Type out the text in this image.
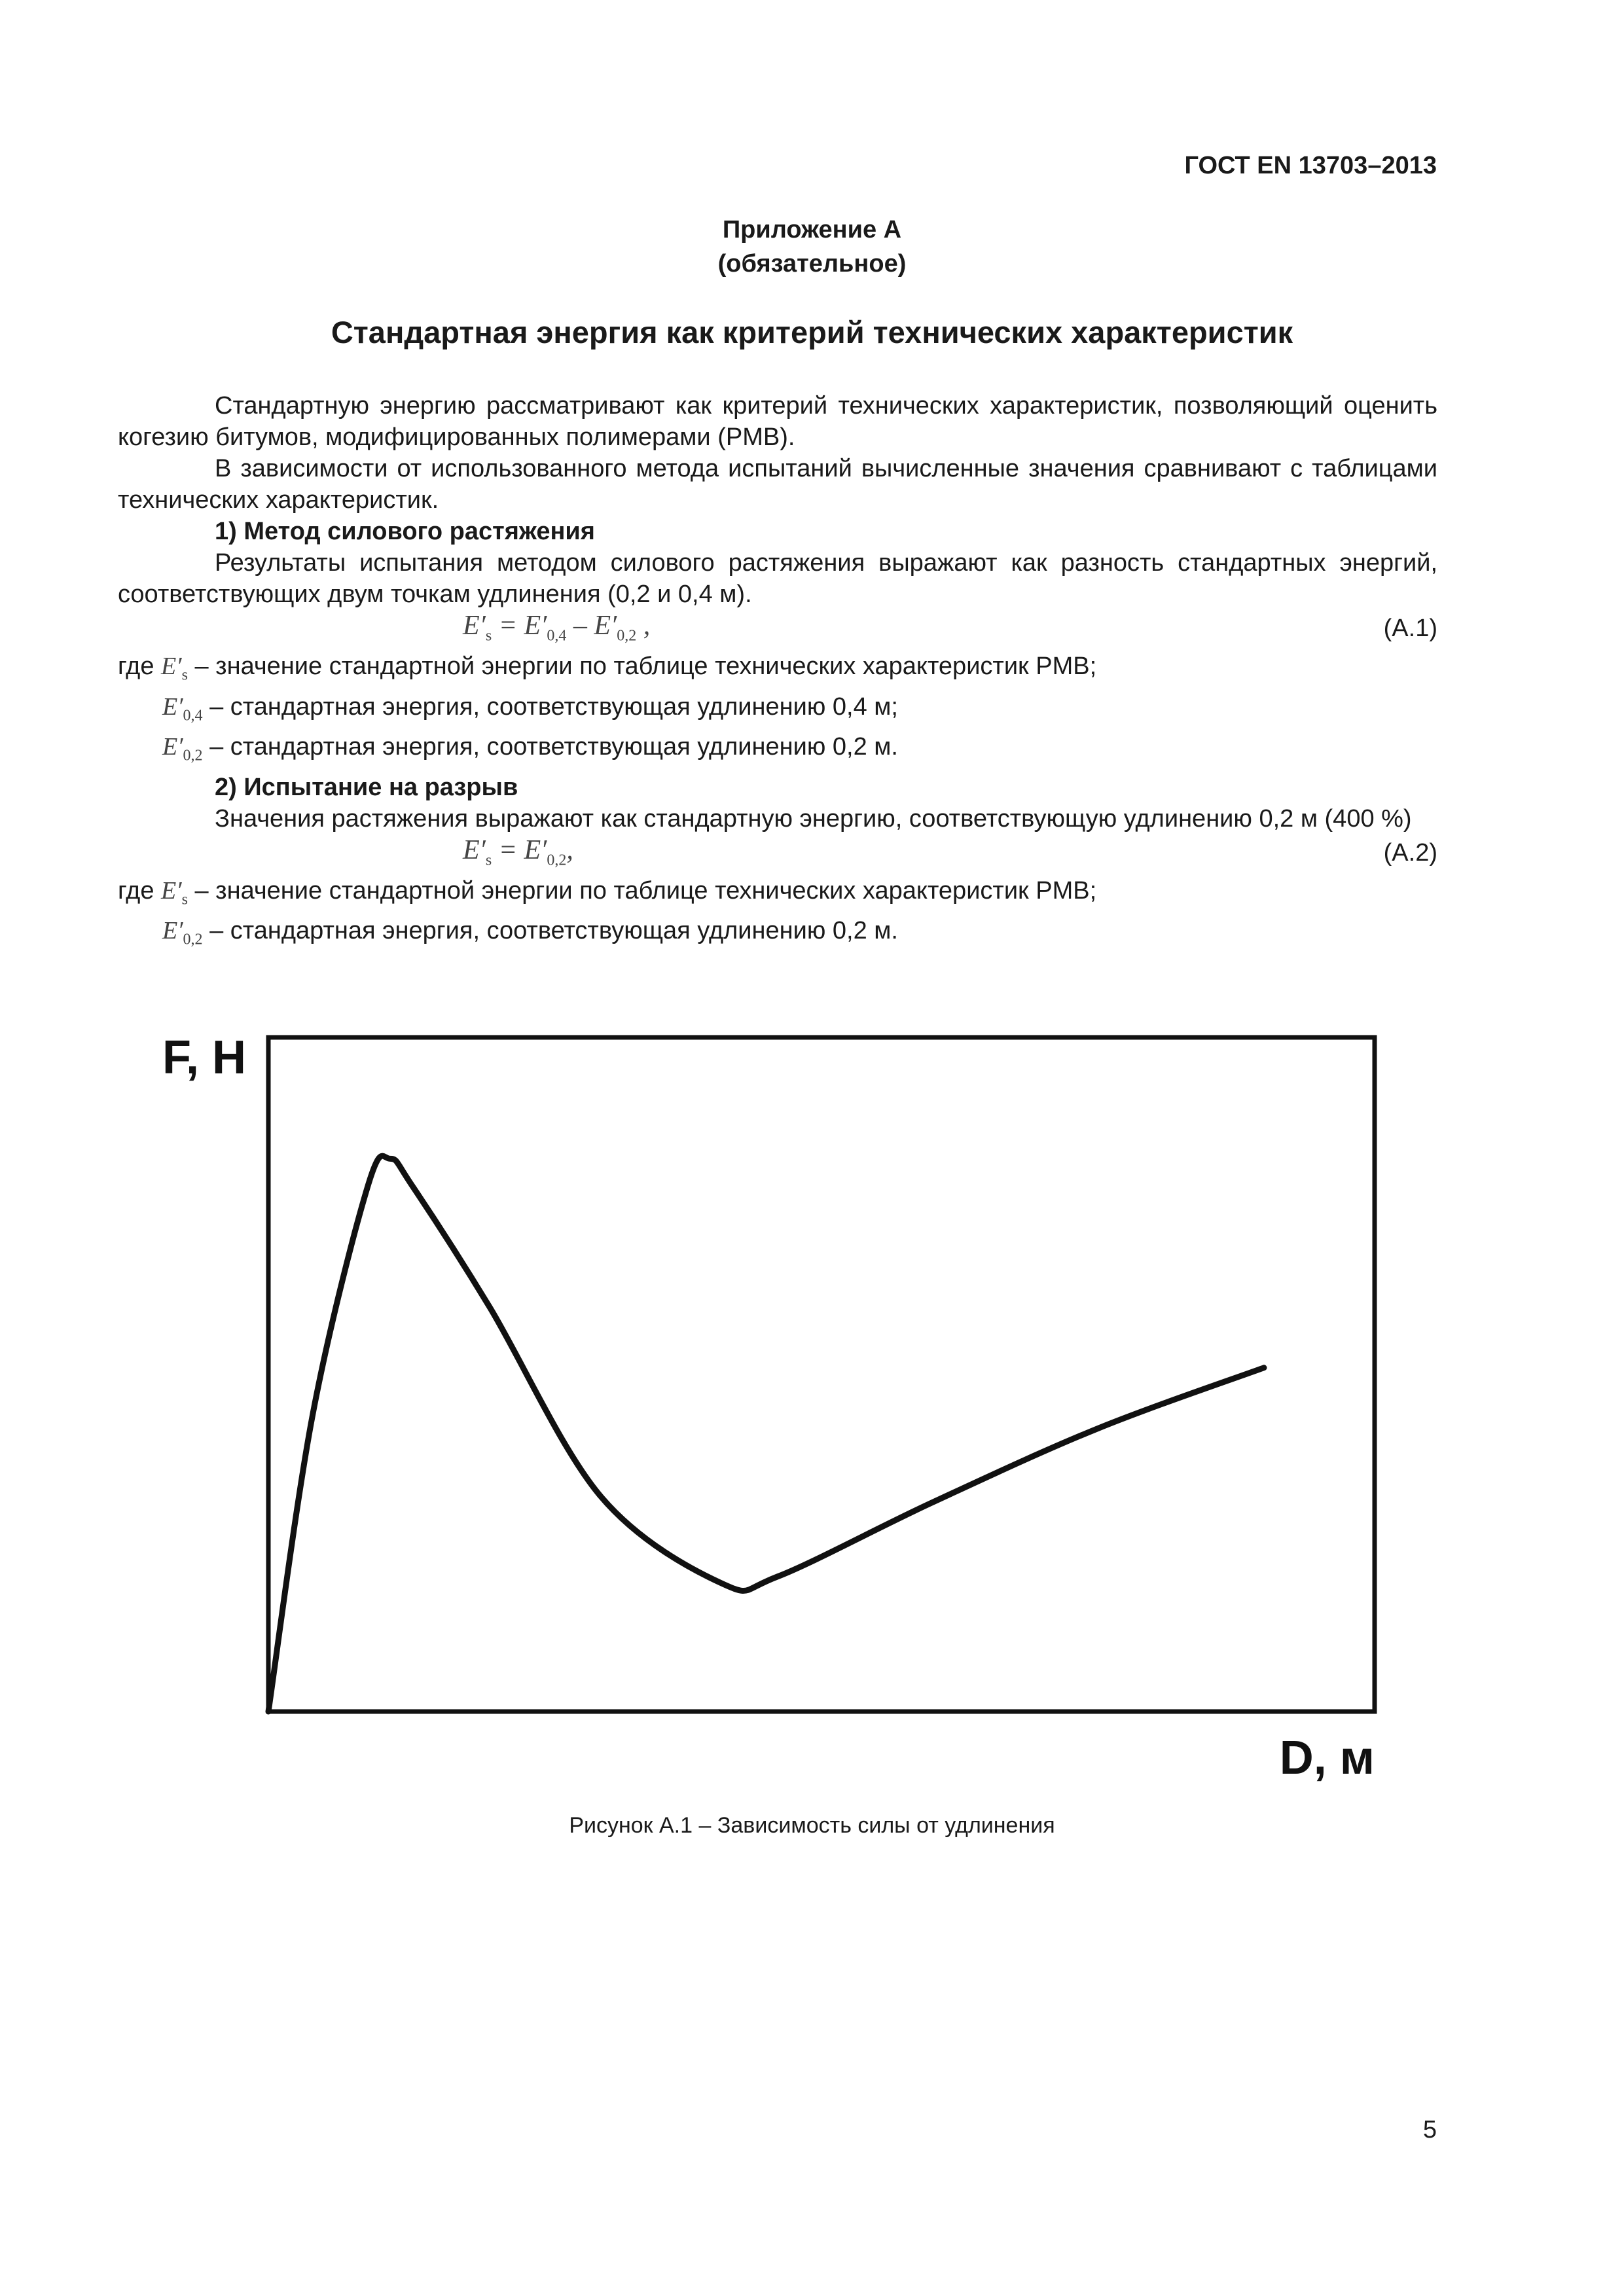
ГОСТ EN 13703–2013
Приложение А
(обязательное)
Стандартная энергия как критерий технических характеристик

Стандартную энергию рассматривают как критерий технических характеристик, позволяющий оценить когезию битумов, модифицированных полимерами (PMB).

В зависимости от использованного метода испытаний вычисленные значения сравнивают с таблицами технических характеристик.

1) Метод силового растяжения

Результаты испытания методом силового растяжения выражают как разность стандартных энергий, соответствующих двум точкам удлинения (0,2 и 0,4 м).

$E'_s = E'_{0,4} - E'_{0,2}$ ,	(А.1)

где $E'_s$ – значение стандартной энергии по таблице технических характеристик PMB;

$E'_{0,4}$ – стандартная энергия, соответствующая удлинению 0,4 м;

$E'_{0,2}$ – стандартная энергия, соответствующая удлинению 0,2 м.

2) Испытание на разрыв

Значения растяжения выражают как стандартную энергию, соответствующую удлинению 0,2 м (400 %)

$E'_s = E'_{0,2}$,	(А.2)

где $E'_s$ – значение стандартной энергии по таблице технических характеристик PMB;

$E'_{0,2}$ – стандартная энергия, соответствующая удлинению 0,2 м.

F, Н
D, м
Рисунок А.1 – Зависимость силы от удлинения
5
